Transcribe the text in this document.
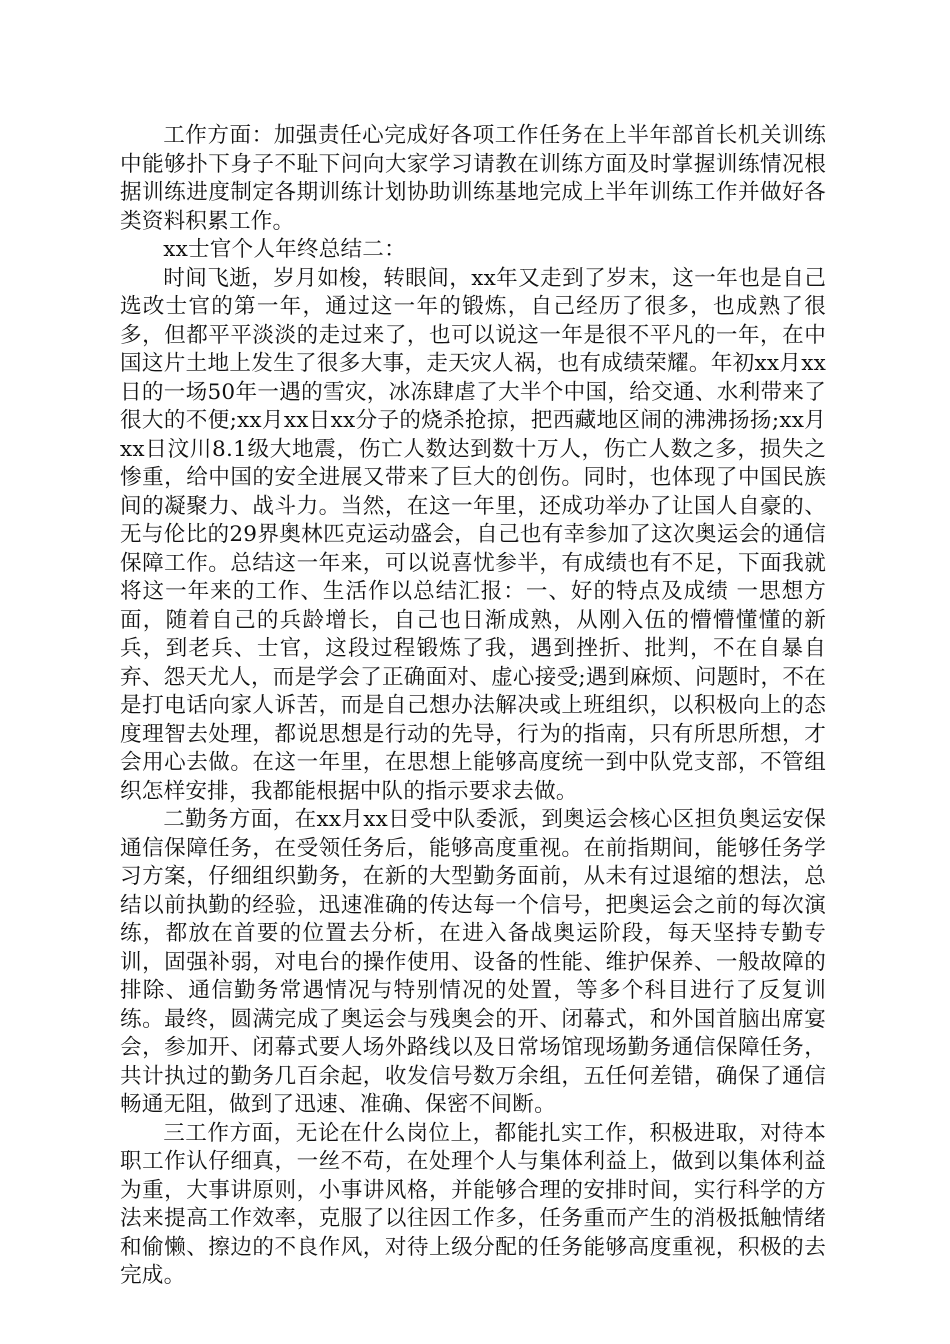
工作方面：加强责任心完成好各项工作任务在上半年部首长机关训练中能够扑下身子不耻下问向大家学习请教在训练方面及时掌握训练情况根据训练进度制定各期训练计划协助训练基地完成上半年训练工作并做好各类资料积累工作。

xx士官个人年终总结二：

时间飞逝，岁月如梭，转眼间，xx年又走到了岁末，这一年也是自己选改士官的第一年，通过这一年的锻炼，自己经历了很多，也成熟了很多，但都平平淡淡的走过来了，也可以说这一年是很不平凡的一年，在中国这片土地上发生了很多大事，走天灾人祸，也有成绩荣耀。年初xx月xx日的一场50年一遇的雪灾，冰冻肆虐了大半个中国，给交通、水利带来了很大的不便;xx月xx日xx分子的烧杀抢掠，把西藏地区闹的沸沸扬扬;xx月xx日汶川8.1级大地震，伤亡人数达到数十万人，伤亡人数之多，损失之惨重，给中国的安全进展又带来了巨大的创伤。同时，也体现了中国民族间的凝聚力、战斗力。当然，在这一年里，还成功举办了让国人自豪的、无与伦比的29界奥林匹克运动盛会，自己也有幸参加了这次奥运会的通信保障工作。总结这一年来，可以说喜忧参半，有成绩也有不足，下面我就将这一年来的工作、生活作以总结汇报：一、好的特点及成绩 一思想方面，随着自己的兵龄增长，自己也日渐成熟，从刚入伍的懵懵懂懂的新兵，到老兵、士官，这段过程锻炼了我，遇到挫折、批判，不在自暴自弃、怨天尤人，而是学会了正确面对、虚心接受;遇到麻烦、问题时，不在是打电话向家人诉苦，而是自己想办法解决或上班组织，以积极向上的态度理智去处理，都说思想是行动的先导，行为的指南，只有所思所想，才会用心去做。在这一年里，在思想上能够高度统一到中队党支部，不管组织怎样安排，我都能根据中队的指示要求去做。

二勤务方面，在xx月xx日受中队委派，到奥运会核心区担负奥运安保通信保障任务，在受领任务后，能够高度重视。在前指期间，能够任务学习方案，仔细组织勤务，在新的大型勤务面前，从未有过退缩的想法，总结以前执勤的经验，迅速准确的传达每一个信号，把奥运会之前的每次演练，都放在首要的位置去分析，在进入备战奥运阶段，每天坚持专勤专训，固强补弱，对电台的操作使用、设备的性能、维护保养、一般故障的排除、通信勤务常遇情况与特别情况的处置，等多个科目进行了反复训练。最终，圆满完成了奥运会与残奥会的开、闭幕式，和外国首脑出席宴会，参加开、闭幕式要人场外路线以及日常场馆现场勤务通信保障任务，共计执过的勤务几百余起，收发信号数万余组，五任何差错，确保了通信畅通无阻，做到了迅速、准确、保密不间断。

三工作方面，无论在什么岗位上，都能扎实工作，积极进取，对待本职工作认仔细真，一丝不苟，在处理个人与集体利益上，做到以集体利益为重，大事讲原则，小事讲风格，并能够合理的安排时间，实行科学的方法来提高工作效率，克服了以往因工作多，任务重而产生的消极抵触情绪和偷懒、擦边的不良作风，对待上级分配的任务能够高度重视，积极的去完成。
